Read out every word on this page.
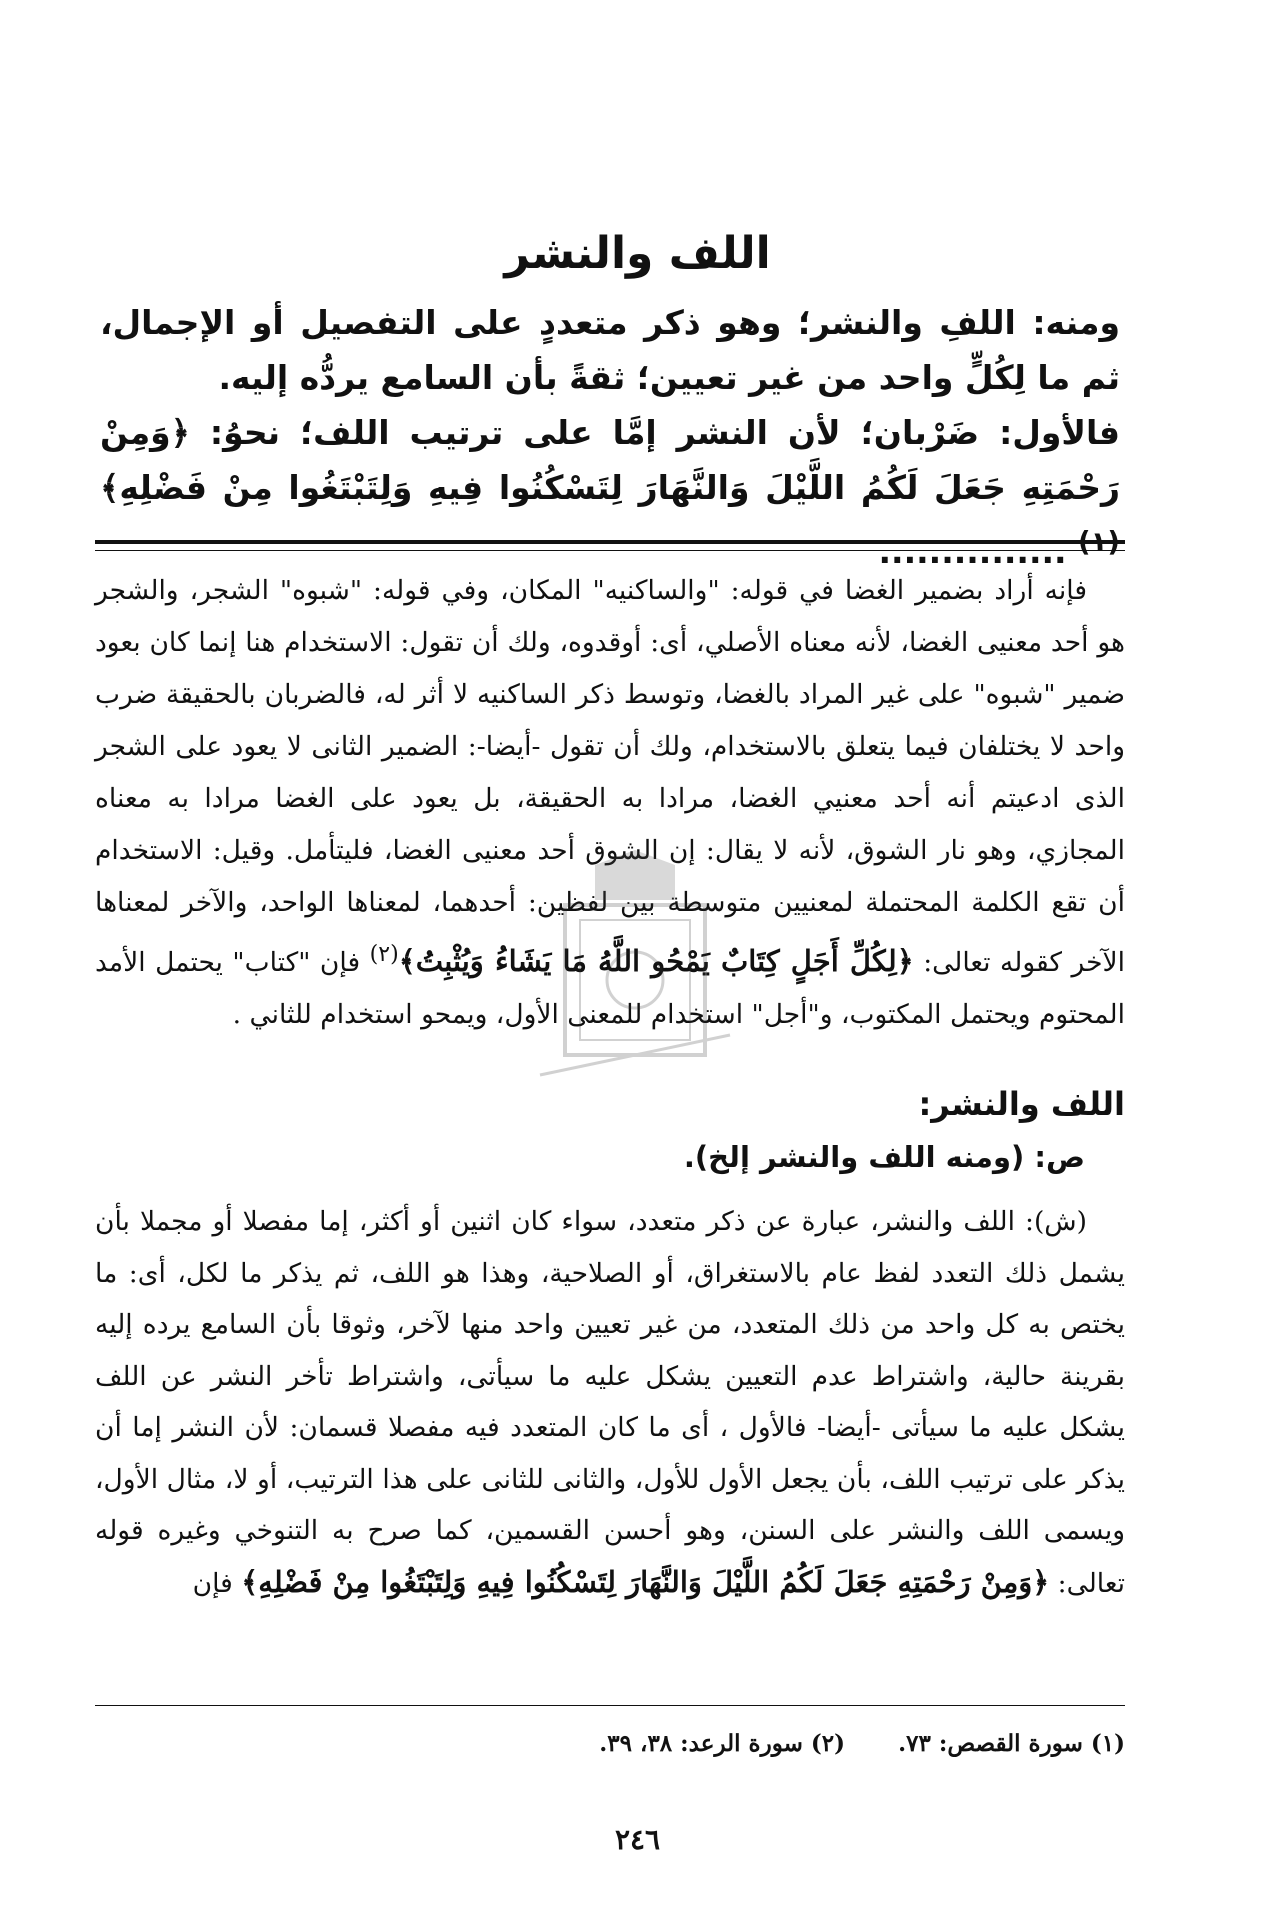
اللف والنشر

ومنه: اللفِ والنشر؛ وهو ذكر متعددٍ على التفصيل أو الإجمال، ثم ما لِكُلٍّ واحد من غير تعيين؛ ثقةً بأن السامع يردُّه إليه.

فالأول: ضَرْبان؛ لأن النشر إمَّا على ترتيب اللف؛ نحوُ: ﴿وَمِنْ رَحْمَتِهِ جَعَلَ لَكُمُ اللَّيْلَ وَالنَّهَارَ لِتَسْكُنُوا فِيهِ وَلِتَبْتَغُوا مِنْ فَضْلِهِ﴾$^{(١)}$ ...............

فإنه أراد بضمير الغضا في قوله: "والساكنيه" المكان، وفي قوله: "شبوه" الشجر، والشجر هو أحد معنيى الغضا، لأنه معناه الأصلي، أى: أوقدوه، ولك أن تقول: الاستخدام هنا إنما كان بعود ضمير "شبوه" على غير المراد بالغضا، وتوسط ذكر الساكنيه لا أثر له، فالضربان بالحقيقة ضرب واحد لا يختلفان فيما يتعلق بالاستخدام، ولك أن تقول -أيضا-: الضمير الثانى لا يعود على الشجر الذى ادعيتم أنه أحد معنيي الغضا، مرادا به الحقيقة، بل يعود على الغضا مرادا به معناه المجازي، وهو نار الشوق، لأنه لا يقال: إن الشوق أحد معنيى الغضا، فليتأمل. وقيل: الاستخدام أن تقع الكلمة المحتملة لمعنيين متوسطة بين لفظين: أحدهما، لمعناها الواحد، والآخر لمعناها الآخر كقوله تعالى: ﴿لِكُلِّ أَجَلٍ كِتَابٌ يَمْحُو اللَّهُ مَا يَشَاءُ وَيُثْبِتُ﴾$^{(٢)}$ فإن "كتاب" يحتمل الأمد المحتوم ويحتمل المكتوب، و"أجل" استخدام للمعنى الأول، ويمحو استخدام للثاني .

اللف والنشر:
ص: (ومنه اللف والنشر إلخ).

(ش): اللف والنشر، عبارة عن ذكر متعدد، سواء كان اثنين أو أكثر، إما مفصلا أو مجملا بأن يشمل ذلك التعدد لفظ عام بالاستغراق، أو الصلاحية، وهذا هو اللف، ثم يذكر ما لكل، أى: ما يختص به كل واحد من ذلك المتعدد، من غير تعيين واحد منها لآخر، وثوقا بأن السامع يرده إليه بقرينة حالية، واشتراط عدم التعيين يشكل عليه ما سيأتى، واشتراط تأخر النشر عن اللف يشكل عليه ما سيأتى -أيضا- فالأول ، أى ما كان المتعدد فيه مفصلا قسمان: لأن النشر إما أن يذكر على ترتيب اللف، بأن يجعل الأول للأول، والثانى للثانى على هذا الترتيب، أو لا، مثال الأول، ويسمى اللف والنشر على السنن، وهو أحسن القسمين، كما صرح به التنوخي وغيره قوله تعالى: ﴿وَمِنْ رَحْمَتِهِ جَعَلَ لَكُمُ اللَّيْلَ وَالنَّهَارَ لِتَسْكُنُوا فِيهِ وَلِتَبْتَغُوا مِنْ فَضْلِهِ﴾ فإن

(١) سورة القصص: ٧٣.
(٢) سورة الرعد: ٣٨، ٣٩.
٢٤٦
